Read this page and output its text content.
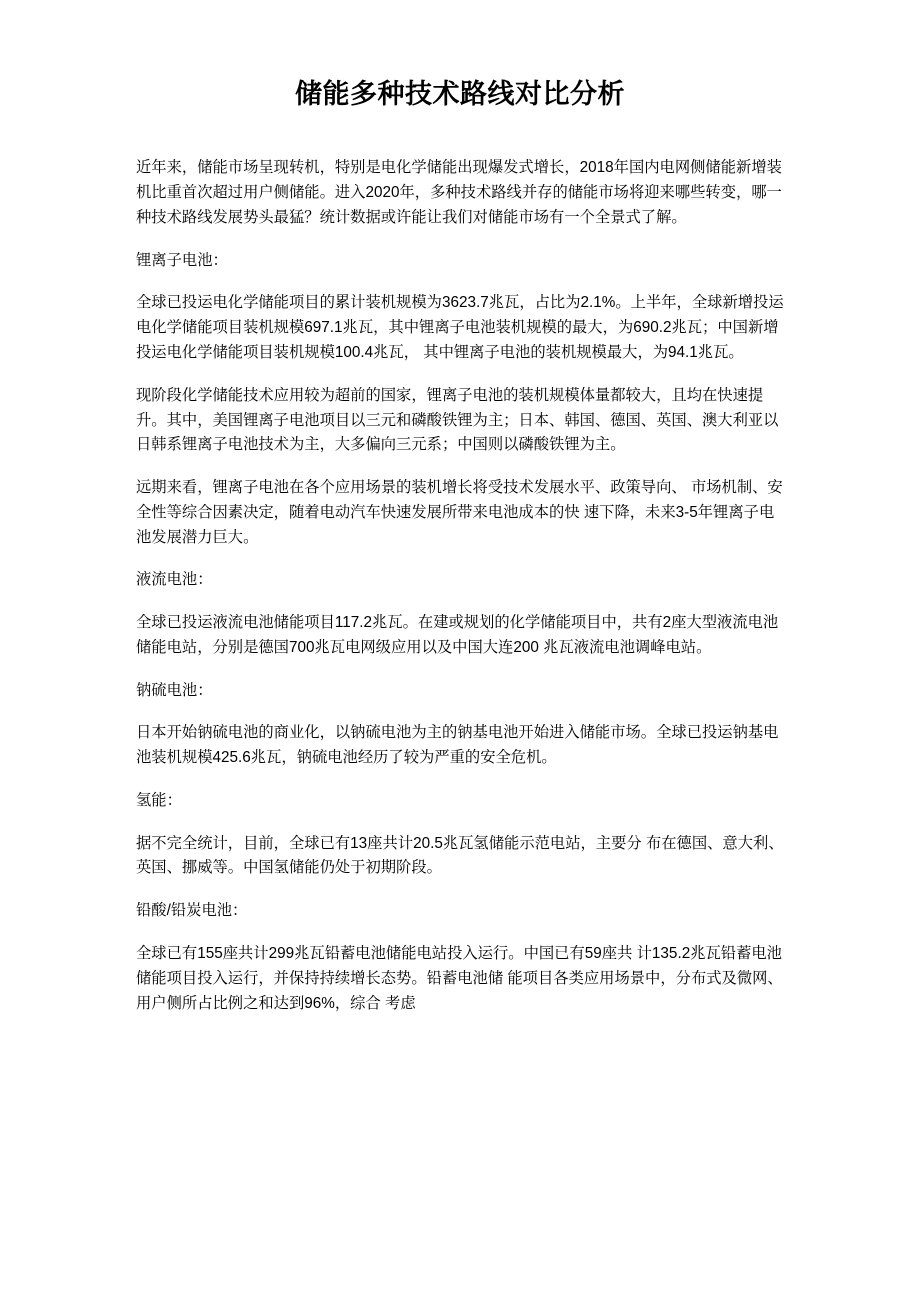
储能多种技术路线对比分析

近年来，储能市场呈现转机，特别是电化学储能出现爆发式增长，2018年国内电网侧储能新增装机比重首次超过用户侧储能。进入2020年，多种技术路线并存的储能市场将迎来哪些转变，哪一种技术路线发展势头最猛？统计数据或许能让我们对储能市场有一个全景式了解。

锂离子电池：

全球已投运电化学储能项目的累计装机规模为3623.7兆瓦，占比为2.1%。上半年，全球新增投运电化学储能项目装机规模697.1兆瓦，其中锂离子电池装机规模的最大，为690.2兆瓦；中国新增投运电化学储能项目装机规模100.4兆瓦， 其中锂离子电池的装机规模最大，为94.1兆瓦。

现阶段化学储能技术应用较为超前的国家，锂离子电池的装机规模体量都较大，且均在快速提升。其中，美国锂离子电池项目以三元和磷酸铁锂为主；日本、韩国、德国、英国、澳大利亚以日韩系锂离子电池技术为主，大多偏向三元系；中国则以磷酸铁锂为主。

远期来看，锂离子电池在各个应用场景的装机增长将受技术发展水平、政策导向、 市场机制、安全性等综合因素决定，随着电动汽车快速发展所带来电池成本的快 速下降，未来3-5年锂离子电池发展潜力巨大。

液流电池：

全球已投运液流电池储能项目117.2兆瓦。在建或规划的化学储能项目中，共有2座大型液流电池储能电站，分别是德国700兆瓦电网级应用以及中国大连200 兆瓦液流电池调峰电站。

钠硫电池：

日本开始钠硫电池的商业化，以钠硫电池为主的钠基电池开始进入储能市场。全球已投运钠基电池装机规模425.6兆瓦，钠硫电池经历了较为严重的安全危机。

氢能：

据不完全统计，目前，全球已有13座共计20.5兆瓦氢储能示范电站，主要分 布在德国、意大利、英国、挪威等。中国氢储能仍处于初期阶段。

铅酸/铅炭电池：

全球已有155座共计299兆瓦铅蓄电池储能电站投入运行。中国已有59座共 计135.2兆瓦铅蓄电池储能项目投入运行，并保持持续增长态势。铅蓄电池储 能项目各类应用场景中，分布式及微网、用户侧所占比例之和达到96%，综合 考虑
